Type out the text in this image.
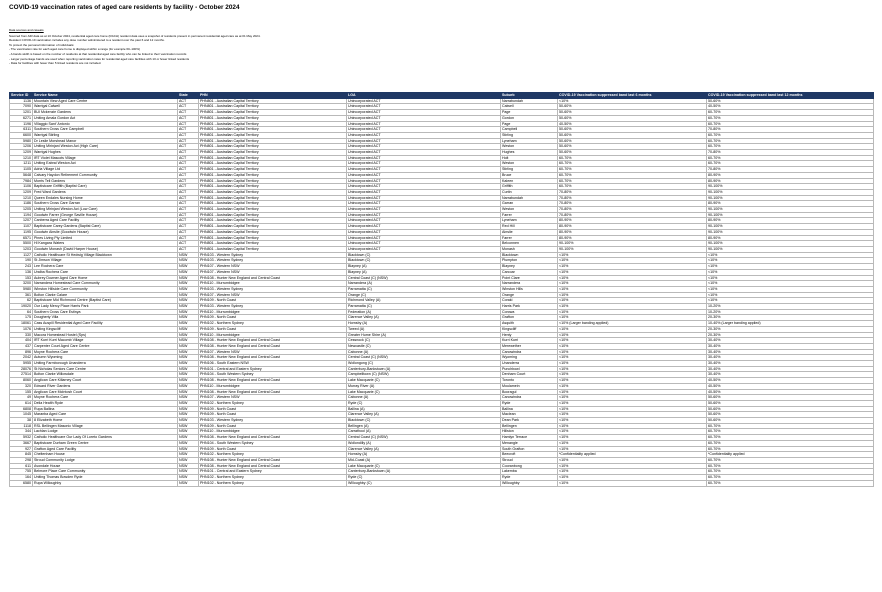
COVID-19 vaccination rates of aged care residents by facility - October 2024
Data sources and caveats
Sourced from AIR data as at 10 October 2024, residential aged care home (RACH) resident data uses a snapshot of residents present in permanent residential aged care as at 01 May 2024.
Resident COVID-19 vaccination includes any dose number administered to a resident over the past 6 and 12 months.
To protect the personal information of individuals:
- The vaccination rate for each aged care home is displayed within a range (for example 60–100%)
- A bands width is based on the number of residents at that residential aged care facility who can be linked to their vaccination records
- Larger percentage bands are used when reporting vaccination rates for residential aged care facilities with 10 or fewer linked residents
- Data for facilities with fewer than 5 linked residents are not included.
Service ID	Service Name	State	PHN	LGA	Suburb	COVID-19 Vaccination suppressed band last 6 months	COVID-19 Vaccination suppressed band last 12 months
1136	Mountain View Aged Care Centre	ACT	PHN801 - Australian Capital Territory	Unincorporated ACT	Narrabundah	<10%	50-60%
7090	Warrigal Calwell	ACT	PHN801 - Australian Capital Territory	Unincorporated ACT	Calwell	50-60%	40-50%
1201	BUI Mckenzie Gardens	ACT	PHN801 - Australian Capital Territory	Unincorporated ACT	Page	50-60%	60-70%
6271	Uniting Amala Gordon Act	ACT	PHN801 - Australian Capital Territory	Unincorporated ACT	Gordon	50-60%	60-70%
1196	Villaggio Sant' Antonio	ACT	PHN801 - Australian Capital Territory	Unincorporated ACT	Page	40-50%	60-70%
6311	Southern Cross Care Campbell	ACT	PHN801 - Australian Capital Territory	Unincorporated ACT	Campbell	50-60%	70-80%
6600	Warrigal Stirling	ACT	PHN801 - Australian Capital Territory	Unincorporated ACT	Stirling	50-60%	60-70%
5980	Dr Leslie Morshead Manor	ACT	PHN801 - Australian Capital Territory	Unincorporated ACT	Lyneham	50-60%	60-70%
1206	Uniting Mirinjani Weston Act (High Care)	ACT	PHN801 - Australian Capital Territory	Unincorporated ACT	Weston	50-60%	60-70%
1209	Warrigal Hughes	ACT	PHN801 - Australian Capital Territory	Unincorporated ACT	Hughes	50-60%	70-80%
1210	IRT Violet Mascots Village	ACT	PHN801 - Australian Capital Territory	Unincorporated ACT	Holt	60-70%	60-70%
1211	Uniting Eabrai Weston Act	ACT	PHN801 - Australian Capital Territory	Unincorporated ACT	Weston	60-70%	60-70%
1105	Adria Village Ltd	ACT	PHN801 - Australian Capital Territory	Unincorporated ACT	Stirling	60-70%	70-80%
5648	Calvary Haydon Retirement Community	ACT	PHN801 - Australian Capital Territory	Unincorporated ACT	Bruce	60-70%	80-90%
7984	Morris Tell Gardens	ACT	PHN801 - Australian Capital Territory	Unincorporated ACT	Kaleen	60-70%	80-90%
1106	Baptistcare Griffith (Baptist Care)	ACT	PHN801 - Australian Capital Territory	Unincorporated ACT	Griffith	60-70%	90-100%
1209	Fred Ward Gardens	ACT	PHN801 - Australian Capital Territory	Unincorporated ACT	Curtin	70-80%	90-100%
1210	Queen Endales Nursing Home	ACT	PHN801 - Australian Capital Territory	Unincorporated ACT	Narrabundah	70-80%	90-100%
1186	Southern Cross Care Garran	ACT	PHN801 - Australian Capital Territory	Unincorporated ACT	Garran	70-80%	80-90%
1205	Uniting Mirinjani Weston Act (Low Care)	ACT	PHN801 - Australian Capital Territory	Unincorporated ACT	Weston	70-80%	90-100%
1194	Goodwin Farrer (George Saville House)	ACT	PHN801 - Australian Capital Territory	Unincorporated ACT	Farrer	70-80%	90-100%
1207	Canberra Aged Care Facility	ACT	PHN801 - Australian Capital Territory	Unincorporated ACT	Lyneham	80-90%	80-90%
1107	Baptistcare Carey Gardens (Baptist Care)	ACT	PHN801 - Australian Capital Territory	Unincorporated ACT	Red Hill	80-90%	90-100%
1195	Goodwin Ainslie (Goodwin House)	ACT	PHN801 - Australian Capital Territory	Unincorporated ACT	Ainslie	80-90%	90-100%
6571	Pines Living Pty Limited	ACT	PHN801 - Australian Capital Territory	Unincorporated ACT	Farrer	80-90%	80-90%
5500	Hl Kangara Waters	ACT	PHN801 - Australian Capital Territory	Unincorporated ACT	Belconnen	90-100%	90-100%
1203	Goodwin Monash (David Harper House)	ACT	PHN801 - Australian Capital Territory	Unincorporated ACT	Monash	90-100%	90-100%
1127	Catholic Healthcare St Hedwig Village Blacktown	NSW	PHN103 - Western Sydney	Blacktown (C)	Blacktown	<10%	<10%
190	St Jimson Village	NSW	PHN103 - Western Sydney	Blacktown (C)	Plumpton	<10%	<10%
243	Lee Rochera Care	NSW	PHN107 - Western NSW	Blayney (A)	Blayney	<10%	<10%
136	Uralba Rochera Care	NSW	PHN107 - Western NSW	Blayney (A)	Carcoar	<10%	<10%
153	Aubrey Downer Aged Care Home	NSW	PHN108 - Hunter New England and Central Coast	Central Coast (C) (NSW)	Point Clare	<10%	<10%
3200	Narrandera Homestead Care Community	NSW	PHN110 - Murrumbidgee	Narrandera (A)	Narrandera	<10%	<10%
5980	Winston Hillside Care Community	NSW	PHN103 - Western Sydney	Parramatta (C)	Winston Hills	<10%	<10%
361	Bolton Clarke Calare	NSW	PHN107 - Western NSW	Orange (C)	Orange	<10%	<10%
62	Baptistcare Mid Richmond Centre (Baptist Care)	NSW	PHN109 - North Coast	Richmond Valley (A)	Coraki	<10%	<10%
19020	Our Lady Mercy Place Harris Park	NSW	PHN103 - Western Sydney	Parramatta (C)	Harris Park	<10%	10-20%
64	Southern Cross Care Estinya	NSW	PHN110 - Murrumbidgee	Federation (A)	Corowa	<10%	10-20%
175	Dougherty Villa	NSW	PHN109 - North Coast	Clarence Valley (A)	Grafton	<10%	20-30%
18061	Cass Auspill Residential Aged Care Facility	NSW	PHN102 - Northern Sydney	Hornsby (A)	Asquith	<10% (Larger banding applied)	10-40% (Larger banding applied)
1076	Uniting Kingscliff	NSW	PHN109 - North Coast	Tweed (A)	Kingscliff	<10%	20-30%
330	Macora Homestead Hostel (Sps)	NSW	PHN110 - Murrumbidgee	Greater Hume Shire (A)	Henty	<10%	20-30%
404	IRT Kurri Kurri Macomb Village	NSW	PHN108 - Hunter New England and Central Coast	Cessnock (C)	Kurri Kurri	<10%	30-40%
437	Carpenter Court Aged Care Centre	NSW	PHN108 - Hunter New England and Central Coast	Newcastle (C)	Merewether	<10%	30-40%
896	Moyne Rochera Care	NSW	PHN107 - Western NSW	Cabonne (A)	Canowindra	<10%	30-40%
2042	Autumn Wyoming	NSW	PHN108 - Hunter New England and Central Coast	Central Coast (C) (NSW)	Wyoming	<10%	30-40%
5955	Uniting Farmborough Unanderra	NSW	PHN106 - South Eastern NSW	Wollongong (C)	Unanderra	<10%	30-40%
28076	St Nicholas Seniors Care Centre	NSW	PHN101 - Central and Eastern Sydney	Canterbury-Bankstown (A)	Punchbowl	<10%	30-40%
27514	Bolton Clarke Willowdale	NSW	PHN104 - South Western Sydney	Campbelltown (C) (NSW)	Denham Court	<10%	30-40%
8060	Anglican Care Killarney Court	NSW	PHN108 - Hunter New England and Central Coast	Lake Macquarie (C)	Toronto	<10%	40-50%
320	Edward River Gardens	NSW	PHN110 - Murrumbidgee	Murray River (A)	Moulamein	<10%	40-50%
155	Anglican Care McIntosh Court	NSW	PHN108 - Hunter New England and Central Coast	Lake Macquarie (C)	Booragul	<10%	40-50%
49	Moyne Rochera Care	NSW	PHN107 - Western NSW	Cabonne (A)	Canowindra	<10%	50-60%
614	Delia Health Ryde	NSW	PHN102 - Northern Sydney	Ryde (C)	Ryde	<10%	50-60%
6808	Rupa Ballina	NSW	PHN109 - North Coast	Ballina (A)	Ballina	<10%	50-60%
1045	Maranba Aged Care	NSW	PHN109 - North Coast	Clarence Valley (A)	Maclean	<10%	50-60%
38	8 Elizabeth Home	NSW	PHN103 - Western Sydney	Blacktown (C)	Dean Park	<10%	50-60%
1118	RSL Bellingen Masonic Village	NSW	PHN109 - North Coast	Bellingen (A)	Bellingen	<10%	60-70%
344	Lachlan Lodge	NSW	PHN110 - Murrumbidgee	Carrathool (A)	Hillston	<10%	60-70%
5932	Catholic Healthcare Our Lady Of Loreto Gardens	NSW	PHN108 - Hunter New England and Central Coast	Central Coast (C) (NSW)	Hamlyn Terrace	<10%	60-70%
3667	Baptistcare Durham Green Centre	NSW	PHN104 - South Western Sydney	Wollondilly (A)	Menangle	<10%	60-70%
927	Grafton Aged Care Facility	NSW	PHN109 - North Coast	Clarence Valley (A)	South Grafton	<10%	60-70%
845	Cheltenham House	NSW	PHN102 - Northern Sydney	Hornsby (A)	Beecroft	*Confidentiality applied	*Confidentiality applied
298	Stroud Community Lodge	NSW	PHN108 - Hunter New England and Central Coast	Mid-Coast (A)	Stroud	<10%	60-70%
611	Avondale House	NSW	PHN108 - Hunter New England and Central Coast	Lake Macquarie (C)	Cooranbong	<10%	60-70%
755	Belmore Place Care Community	NSW	PHN101 - Central and Eastern Sydney	Canterbury-Bankstown (A)	Lakemba	<10%	60-70%
164	Uniting Thomas Bowden Ryde	NSW	PHN102 - Northern Sydney	Ryde (C)	Ryde	<10%	60-70%
6580	Rupa Willoughby	NSW	PHN102 - Northern Sydney	Willoughby (C)	Willoughby	<10%	60-70%
